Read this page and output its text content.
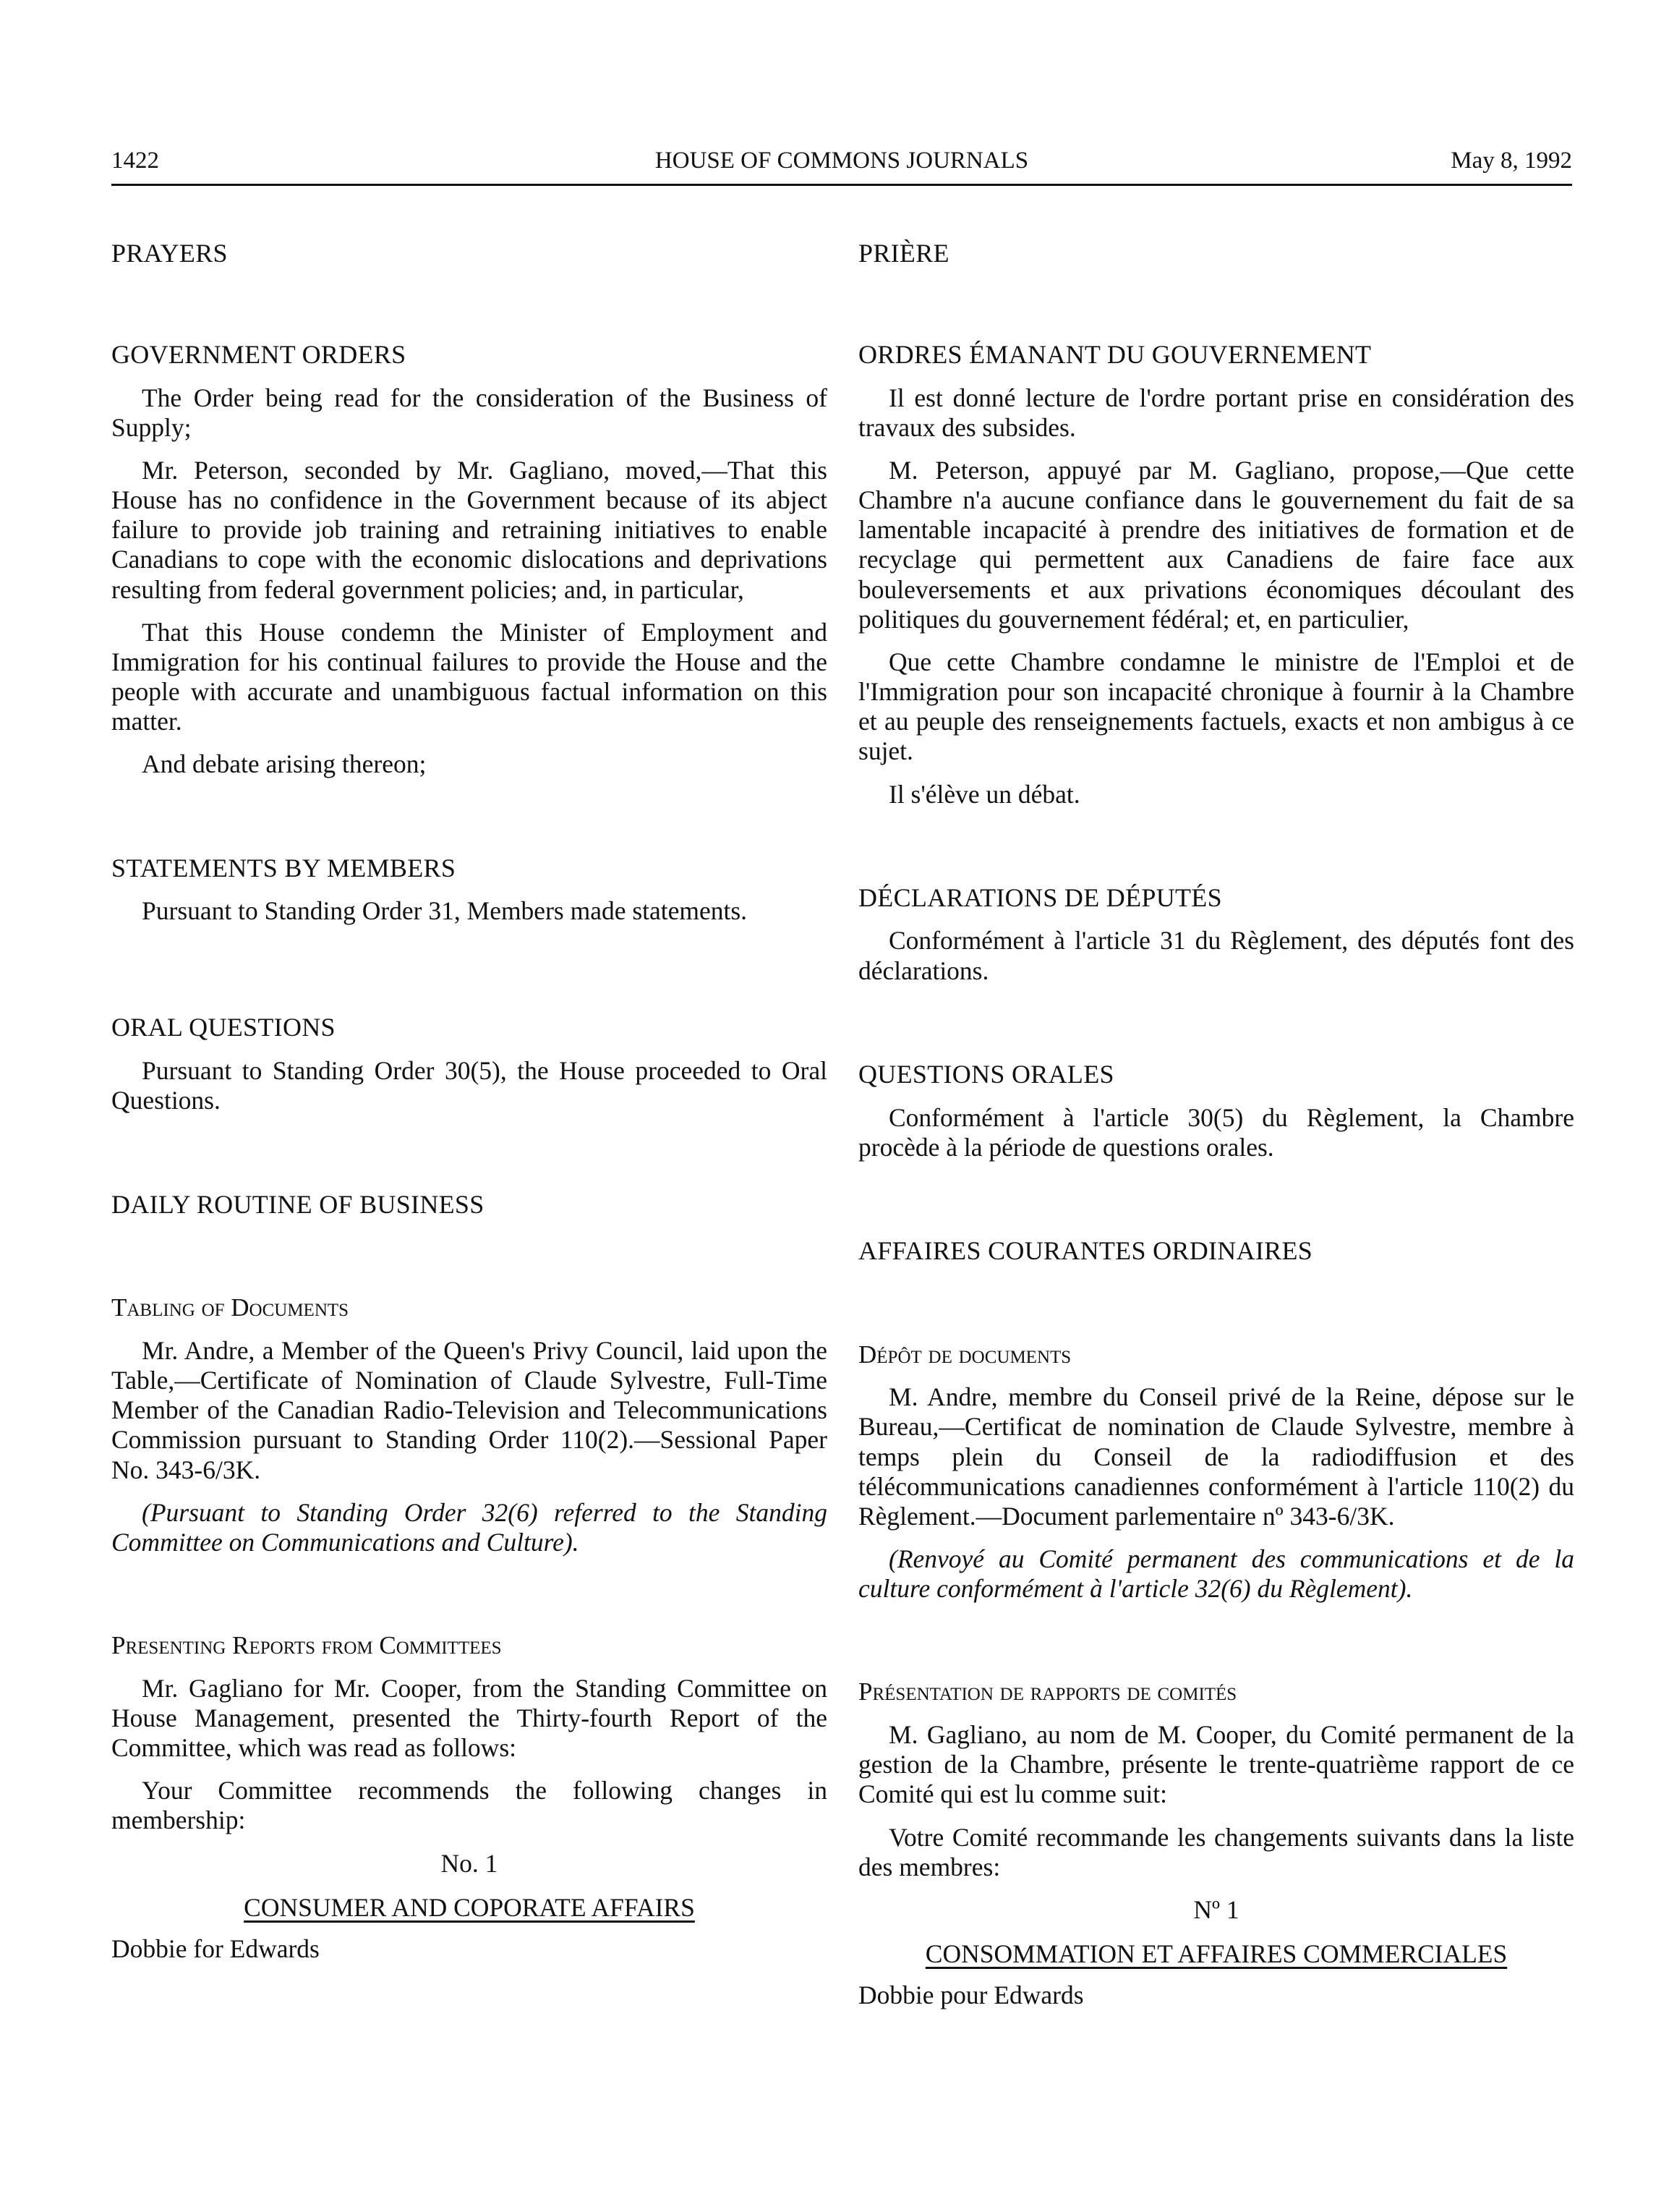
1422	HOUSE OF COMMONS JOURNALS	May 8, 1992
PRAYERS
GOVERNMENT ORDERS

The Order being read for the consideration of the Business of Supply;

Mr. Peterson, seconded by Mr. Gagliano, moved,—That this House has no confidence in the Government because of its abject failure to provide job training and retraining initiatives to enable Canadians to cope with the economic dislocations and deprivations resulting from federal government policies; and, in particular,

That this House condemn the Minister of Employment and Immigration for his continual failures to provide the House and the people with accurate and unambiguous factual information on this matter.

And debate arising thereon;

STATEMENTS BY MEMBERS

Pursuant to Standing Order 31, Members made statements.

ORAL QUESTIONS

Pursuant to Standing Order 30(5), the House proceeded to Oral Questions.

DAILY ROUTINE OF BUSINESS
Tabling of Documents

Mr. Andre, a Member of the Queen's Privy Council, laid upon the Table,—Certificate of Nomination of Claude Sylvestre, Full-Time Member of the Canadian Radio-Television and Telecommunications Commission pursuant to Standing Order 110(2).—Sessional Paper No. 343-6/3K.

(Pursuant to Standing Order 32(6) referred to the Standing Committee on Communications and Culture).

Presenting Reports from Committees

Mr. Gagliano for Mr. Cooper, from the Standing Committee on House Management, presented the Thirty-fourth Report of the Committee, which was read as follows:

Your Committee recommends the following changes in membership:

No. 1
CONSUMER AND COPORATE AFFAIRS
Dobbie for Edwards
PRIÈRE
ORDRES ÉMANANT DU GOUVERNEMENT

Il est donné lecture de l'ordre portant prise en considération des travaux des subsides.

M. Peterson, appuyé par M. Gagliano, propose,—Que cette Chambre n'a aucune confiance dans le gouvernement du fait de sa lamentable incapacité à prendre des initiatives de formation et de recyclage qui permettent aux Canadiens de faire face aux bouleversements et aux privations économiques découlant des politiques du gouvernement fédéral; et, en particulier,

Que cette Chambre condamne le ministre de l'Emploi et de l'Immigration pour son incapacité chronique à fournir à la Chambre et au peuple des renseignements factuels, exacts et non ambigus à ce sujet.

Il s'élève un débat.

DÉCLARATIONS DE DÉPUTÉS

Conformément à l'article 31 du Règlement, des députés font des déclarations.

QUESTIONS ORALES

Conformément à l'article 30(5) du Règlement, la Chambre procède à la période de questions orales.

AFFAIRES COURANTES ORDINAIRES
Dépôt de documents

M. Andre, membre du Conseil privé de la Reine, dépose sur le Bureau,—Certificat de nomination de Claude Sylvestre, membre à temps plein du Conseil de la radiodiffusion et des télécommunications canadiennes conformément à l'article 110(2) du Règlement.—Document parlementaire nº 343-6/3K.

(Renvoyé au Comité permanent des communications et de la culture conformément à l'article 32(6) du Règlement).

Présentation de rapports de comités

M. Gagliano, au nom de M. Cooper, du Comité permanent de la gestion de la Chambre, présente le trente-quatrième rapport de ce Comité qui est lu comme suit:

Votre Comité recommande les changements suivants dans la liste des membres:

Nº 1
CONSOMMATION ET AFFAIRES COMMERCIALES
Dobbie pour Edwards
